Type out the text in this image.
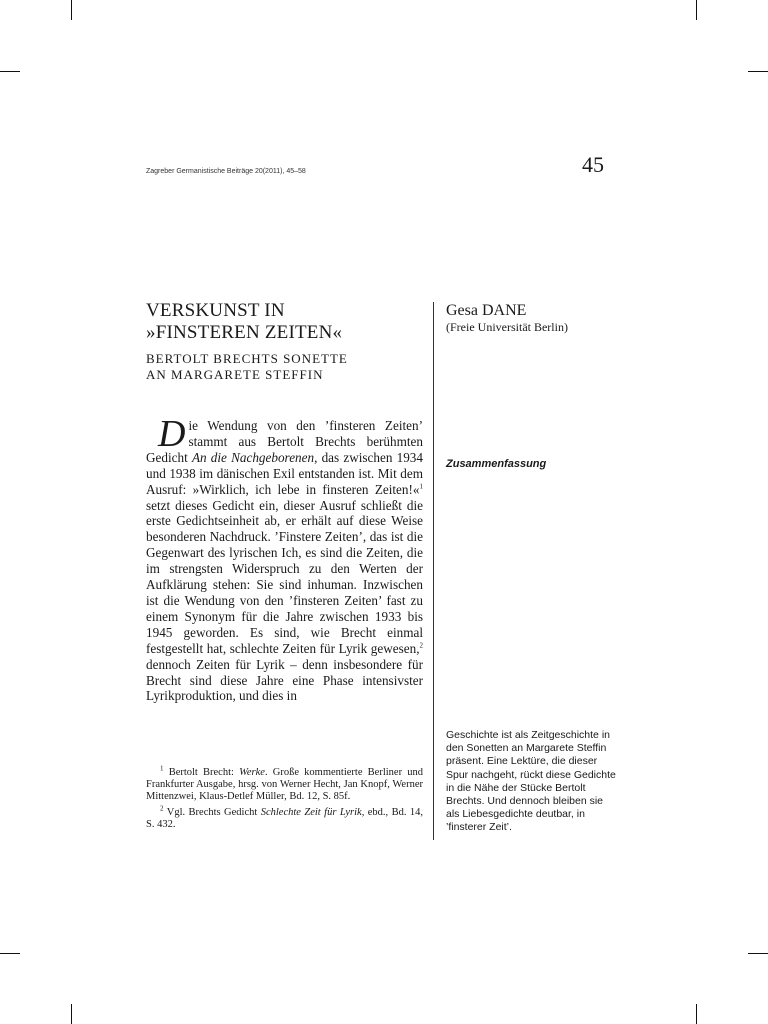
Zagreber Germanistische Beiträge 20(2011), 45–58	45
VERSKUNST IN
»FINSTEREN ZEITEN«
BERTOLT BRECHTS SONETTE
AN MARGARETE STEFFIN
Gesa DANE
(Freie Universität Berlin)
Zusammenfassung
Geschichte ist als Zeitgeschichte in den Sonetten an Margarete Steffin präsent. Eine Lektüre, die dieser Spur nachgeht, rückt diese Gedichte in die Nähe der Stücke Bertolt Brechts. Und dennoch bleiben sie als Liebesgedichte deutbar, in ’finsterer Zeit’.
Die Wendung von den ’finsteren Zeiten’ stammt aus Bertolt Brechts berühmten Gedicht An die Nachgeborenen, das zwischen 1934 und 1938 im dänischen Exil entstanden ist. Mit dem Ausruf: »Wirklich, ich lebe in finsteren Zeiten!«$^1$ setzt dieses Gedicht ein, dieser Ausruf schließt die erste Gedichtseinheit ab, er erhält auf diese Weise besonderen Nachdruck. ’Finstere Zeiten’, das ist die Gegenwart des lyrischen Ich, es sind die Zeiten, die im strengsten Widerspruch zu den Werten der Aufklärung stehen: Sie sind inhuman. Inzwischen ist die Wendung von den ’finsteren Zeiten’ fast zu einem Synonym für die Jahre zwischen 1933 bis 1945 geworden. Es sind, wie Brecht einmal festgestellt hat, schlechte Zeiten für Lyrik gewesen,$^2$ dennoch Zeiten für Lyrik – denn insbesondere für Brecht sind diese Jahre eine Phase intensivster Lyrikproduktion, und dies in
$^1$ Bertolt Brecht: Werke. Große kommentierte Berliner und Frankfurter Ausgabe, hrsg. von Werner Hecht, Jan Knopf, Werner Mittenzwei, Klaus-Detlef Müller, Bd. 12, S. 85f.
$^2$ Vgl. Brechts Gedicht Schlechte Zeit für Lyrik, ebd., Bd. 14, S. 432.
